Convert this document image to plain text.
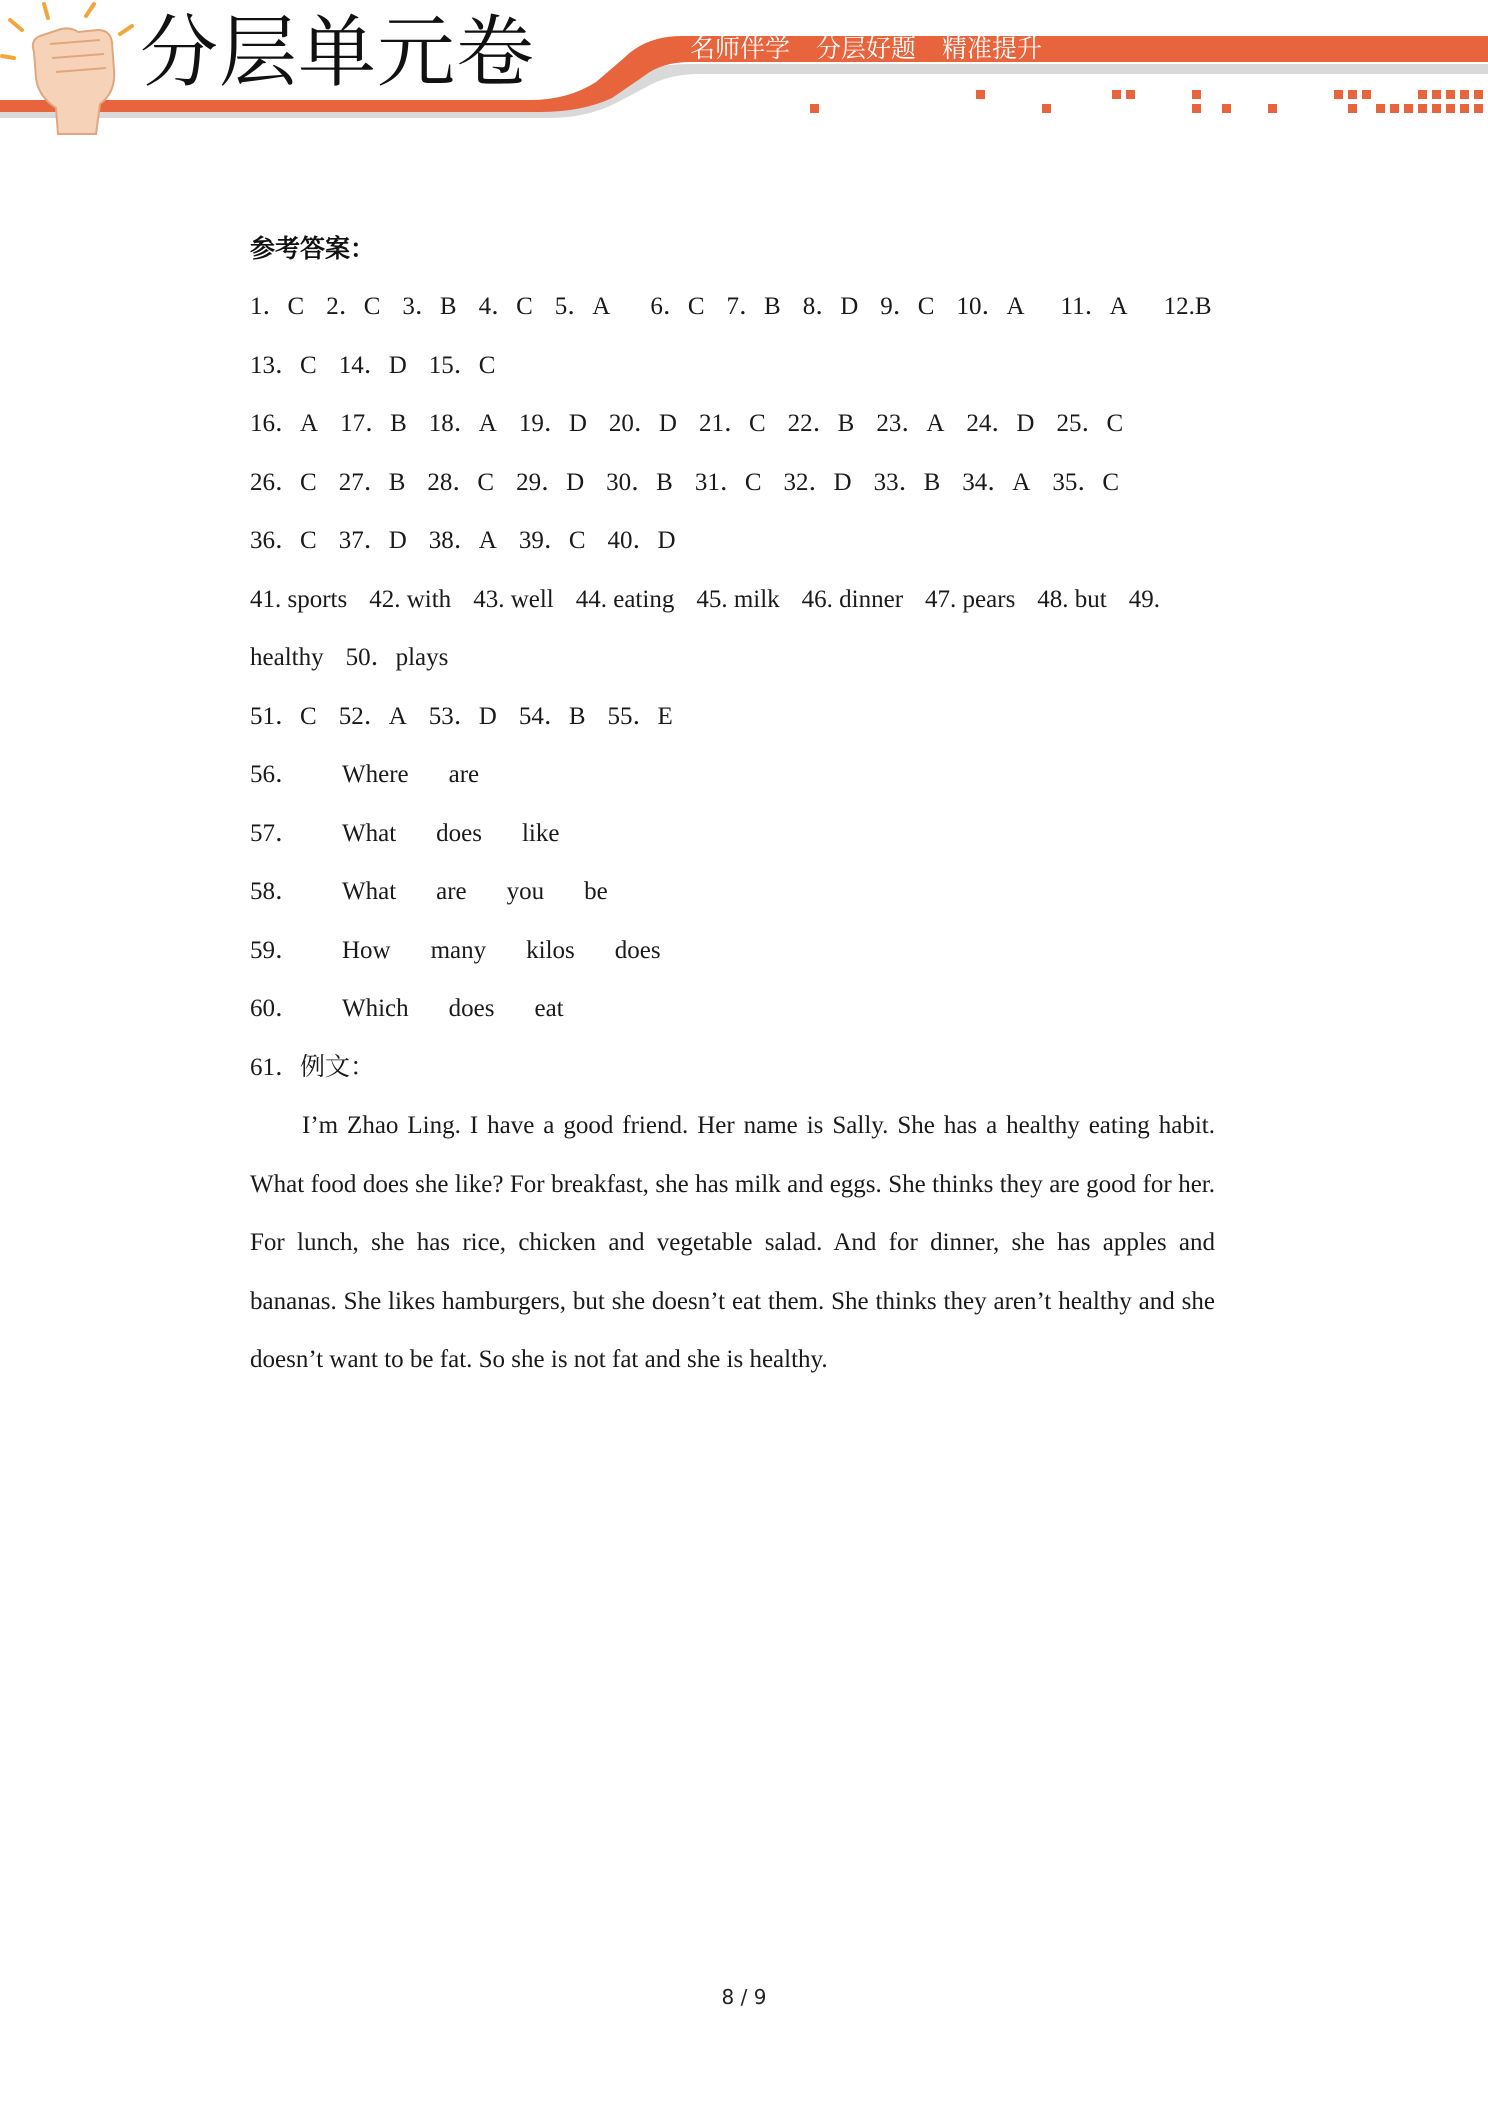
分层单元卷	名师伴学 分层好题 精准提升
参考答案：
1．C 2．C 3．B 4．C 5．A 6．C 7．B 8．D 9．C 10．A 11．A 12.B
13．C 14．D 15．C
16．A 17．B 18．A 19．D 20．D 21．C 22．B 23．A 24．D 25．C
26．C 27．B 28．C 29．D 30．B 31．C 32．D 33．B 34．A 35．C
36．C 37．D 38．A 39．C 40．D
41. sports 42. with 43. well 44. eating 45. milk 46. dinner 47. pears 48. but 49.
healthy 50．plays
51．C 52．A 53．D 54．B 55．E
56． Where are
57． What does like
58． What are you be
59． How many kilos does
60． Which does eat
61．例文：
I’m Zhao Ling. I have a good friend. Her name is Sally. She has a healthy eating habit. What food does she like? For breakfast, she has milk and eggs. She thinks they are good for her. For lunch, she has rice, chicken and vegetable salad. And for dinner, she has apples and bananas. She likes hamburgers, but she doesn’t eat them. She thinks they aren’t healthy and she doesn’t want to be fat. So she is not fat and she is healthy.
8 / 9
